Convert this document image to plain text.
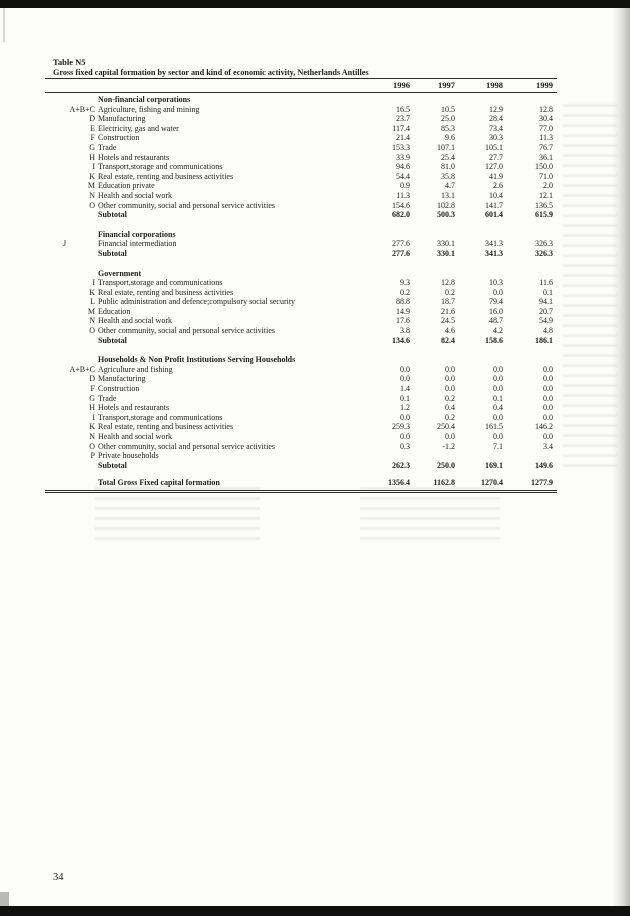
Table N5
Gross fixed capital formation by sector and kind of economic activity, Netherlands Antilles
1996	1997	1998	1999
Non-financial corporations
A+B+C Agriculture, fishing and mining	16.5	10.5	12.9	12.8
D Manufacturing	23.7	25.0	28.4	30.4
E Electricity, gas and water	117.4	85.3	73.4	77.0
F Construction	21.4	9.6	30.3	11.3
G Trade	153.3	107.1	105.1	76.7
H Hotels and restaurants	33.9	25.4	27.7	36.1
I Transport,storage and communications	94.6	81.0	127.0	150.0
K Real estate, renting and business activities	54.4	35.8	41.9	71.0
M Education private	0.9	4.7	2.6	2.0
N Health and social work	11.3	13.1	10.4	12.1
O Other community, social and personal service activities	154.6	102.8	141.7	136.5
Subtotal	682.0	500.3	601.4	615.9
Financial corporations
J	Financial intermediation	277.6	330.1	341.3	326.3
Subtotal	277.6	330.1	341.3	326.3
Government
I Transport,storage and communications	9.3	12.8	10.3	11.6
K Real estate, renting and business activities	0.2	0.2	0.0	0.1
L Public administration and defence;compulsory social security	88.8	18.7	79.4	94.1
M Education	14.9	21.6	16.0	20.7
N Health and social work	17.6	24.5	48.7	54.9
O Other community, social and personal service activities	3.8	4.6	4.2	4.8
Subtotal	134.6	82.4	158.6	186.1
Households & Non Profit Institutions Serving Households
A+B+C Agriculture and fishing	0.0	0.0	0.0	0.0
D Manufacturing	0.0	0.0	0.0	0.0
F Construction	1.4	0.0	0.0	0.0
G Trade	0.1	0.2	0.1	0.0
H Hotels and restaurants	1.2	0.4	0.4	0.0
I Transport,storage and communications	0.0	0.2	0.0	0.0
K Real estate, renting and business activities	259.3	250.4	161.5	146.2
N Health and social work	0.0	0.0	0.0	0.0
O Other community, social and personal service activities	0.3	-1.2	7.1	3.4
P Private households
Subtotal	262.3	250.0	169.1	149.6
Total Gross Fixed capital formation	1356.4	1162.8	1270.4	1277.9
34
